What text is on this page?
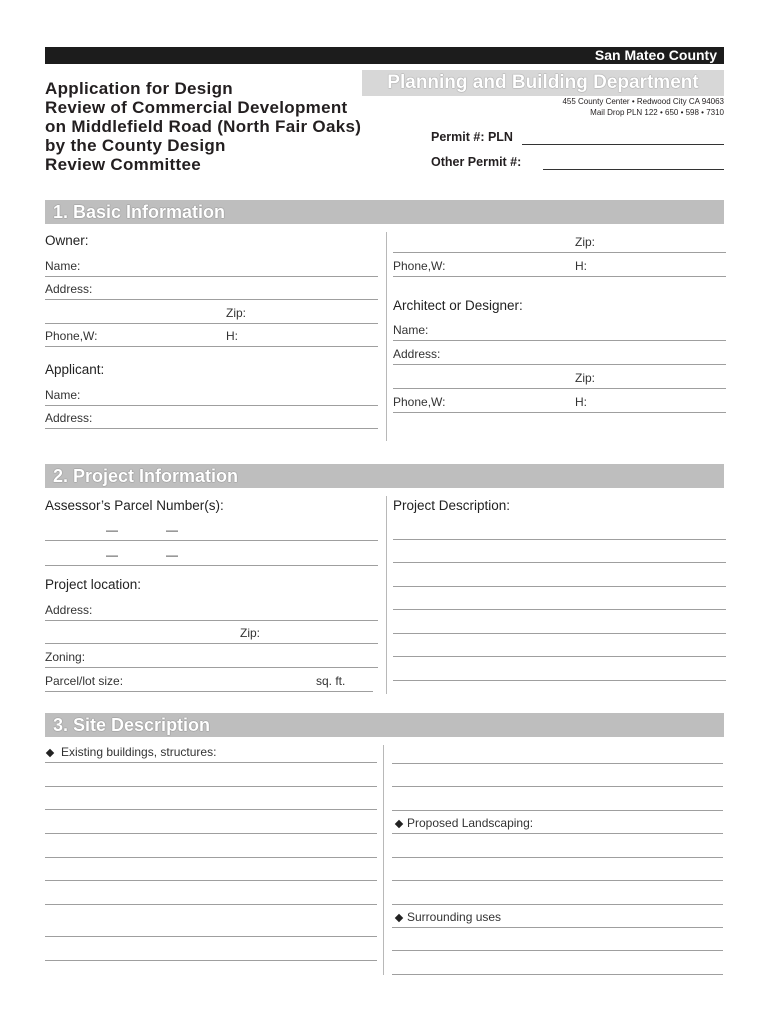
San Mateo County
Application for Design
Review of Commercial Development
on Middlefield Road (North Fair Oaks)
by the County Design
Review Committee
Planning and Building Department
455 County Center • Redwood City CA 94063
Mail Drop PLN 122 • 650 • 598 • 7310
Permit #: PLN
Other Permit #:
1. Basic Information
Owner:
Name:
Address:
Zip:
Phone,W:	H:
Applicant:
Name:
Address:
Zip:
Phone,W:	H:
Architect or Designer:
Name:
Address:
Zip:
Phone,W:	H:
2. Project Information
Assessor’s Parcel Number(s):
—	—
—	—
Project location:
Address:
Zip:
Zoning:
Parcel/lot size:	sq. ft.
Project Description:
3. Site Description
Existing buildings, structures:
Proposed Landscaping:
Surrounding uses
